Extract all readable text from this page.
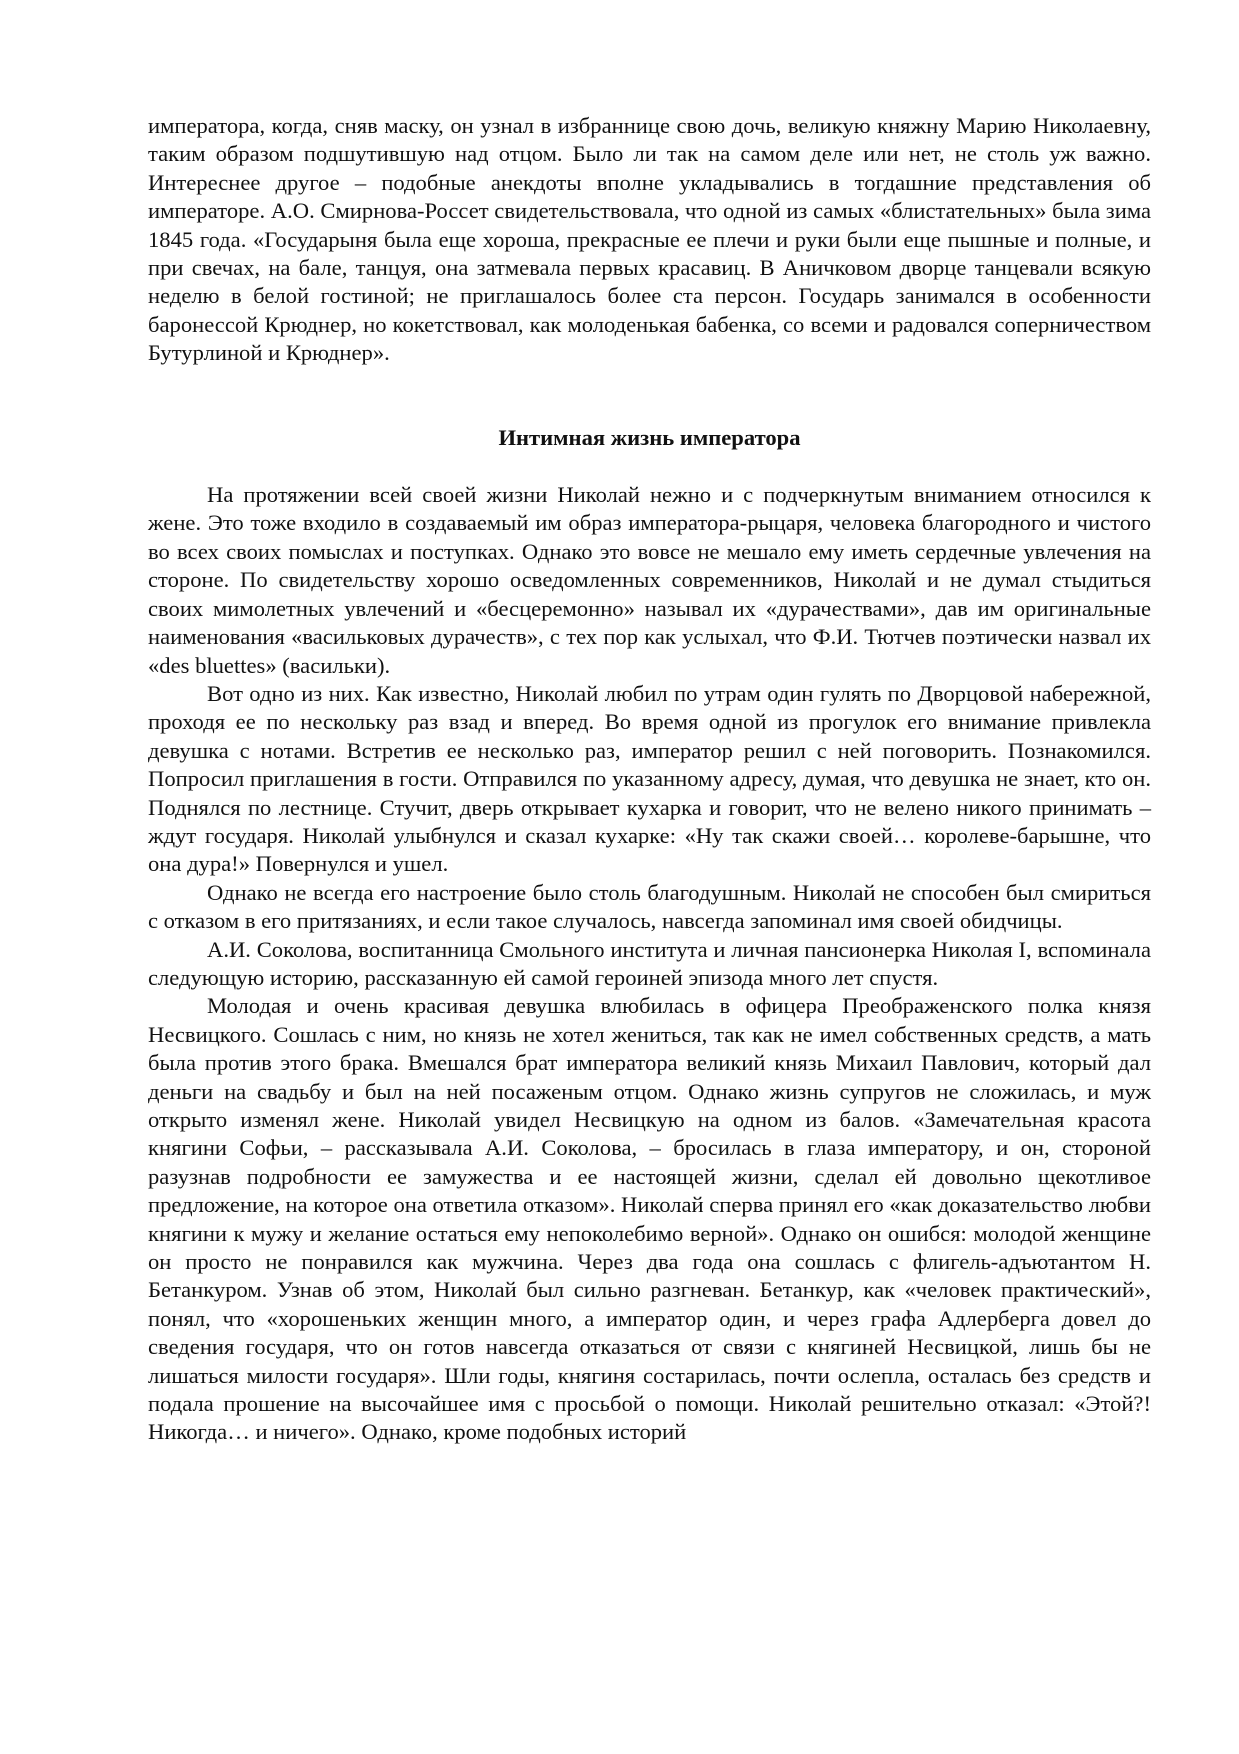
императора, когда, сняв маску, он узнал в избраннице свою дочь, великую княжну Марию Николаевну, таким образом подшутившую над отцом. Было ли так на самом деле или нет, не столь уж важно. Интереснее другое – подобные анекдоты вполне укладывались в тогдашние представления об императоре. А.О. Смирнова-Россет свидетельствовала, что одной из самых «блистательных» была зима 1845 года. «Государыня была еще хороша, прекрасные ее плечи и руки были еще пышные и полные, и при свечах, на бале, танцуя, она затмевала первых красавиц. В Аничковом дворце танцевали всякую неделю в белой гостиной; не приглашалось более ста персон. Государь занимался в особенности баронессой Крюднер, но кокетствовал, как молоденькая бабенка, со всеми и радовался соперничеством Бутурлиной и Крюднер».

Интимная жизнь императора

На протяжении всей своей жизни Николай нежно и с подчеркнутым вниманием относился к жене. Это тоже входило в создаваемый им образ императора-рыцаря, человека благородного и чистого во всех своих помыслах и поступках. Однако это вовсе не мешало ему иметь сердечные увлечения на стороне. По свидетельству хорошо осведомленных современников, Николай и не думал стыдиться своих мимолетных увлечений и «бесцеремонно» называл их «дурачествами», дав им оригинальные наименования «васильковых дурачеств», с тех пор как услыхал, что Ф.И. Тютчев поэтически назвал их «des bluettes» (васильки).

Вот одно из них. Как известно, Николай любил по утрам один гулять по Дворцовой набережной, проходя ее по нескольку раз взад и вперед. Во время одной из прогулок его внимание привлекла девушка с нотами. Встретив ее несколько раз, император решил с ней поговорить. Познакомился. Попросил приглашения в гости. Отправился по указанному адресу, думая, что девушка не знает, кто он. Поднялся по лестнице. Стучит, дверь открывает кухарка и говорит, что не велено никого принимать – ждут государя. Николай улыбнулся и сказал кухарке: «Ну так скажи своей… королеве-барышне, что она дура!» Повернулся и ушел.

Однако не всегда его настроение было столь благодушным. Николай не способен был смириться с отказом в его притязаниях, и если такое случалось, навсегда запоминал имя своей обидчицы.

А.И. Соколова, воспитанница Смольного института и личная пансионерка Николая I, вспоминала следующую историю, рассказанную ей самой героиней эпизода много лет спустя.

Молодая и очень красивая девушка влюбилась в офицера Преображенского полка князя Несвицкого. Сошлась с ним, но князь не хотел жениться, так как не имел собственных средств, а мать была против этого брака. Вмешался брат императора великий князь Михаил Павлович, который дал деньги на свадьбу и был на ней посаженым отцом. Однако жизнь супругов не сложилась, и муж открыто изменял жене. Николай увидел Несвицкую на одном из балов. «Замечательная красота княгини Софьи, – рассказывала А.И. Соколова, – бросилась в глаза императору, и он, стороной разузнав подробности ее замужества и ее настоящей жизни, сделал ей довольно щекотливое предложение, на которое она ответила отказом». Николай сперва принял его «как доказательство любви княгини к мужу и желание остаться ему непоколебимо верной». Однако он ошибся: молодой женщине он просто не понравился как мужчина. Через два года она сошлась с флигель-адъютантом Н. Бетанкуром. Узнав об этом, Николай был сильно разгневан. Бетанкур, как «человек практический», понял, что «хорошеньких женщин много, а император один, и через графа Адлерберга довел до сведения государя, что он готов навсегда отказаться от связи с княгиней Несвицкой, лишь бы не лишаться милости государя». Шли годы, княгиня состарилась, почти ослепла, осталась без средств и подала прошение на высочайшее имя с просьбой о помощи. Николай решительно отказал: «Этой?! Никогда… и ничего». Однако, кроме подобных историй
